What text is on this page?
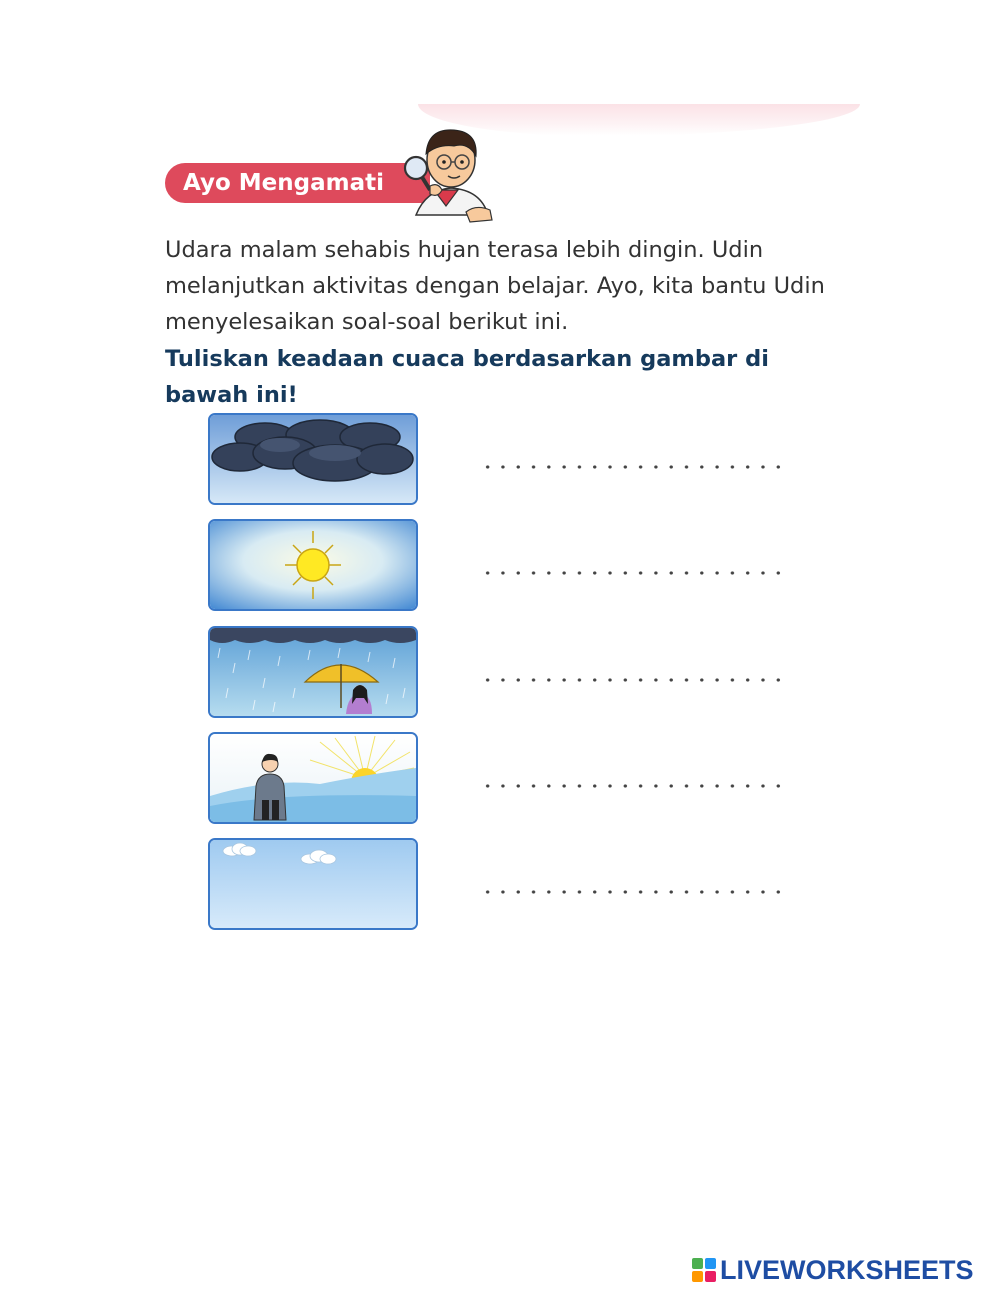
Ayo Mengamati
Udara malam sehabis hujan terasa lebih dingin. Udin melanjutkan aktivitas dengan belajar. Ayo, kita bantu Udin menyelesaikan soal-soal berikut ini.
Tuliskan keadaan cuaca berdasarkan gambar di bawah ini!
LIVEWORKSHEETS
